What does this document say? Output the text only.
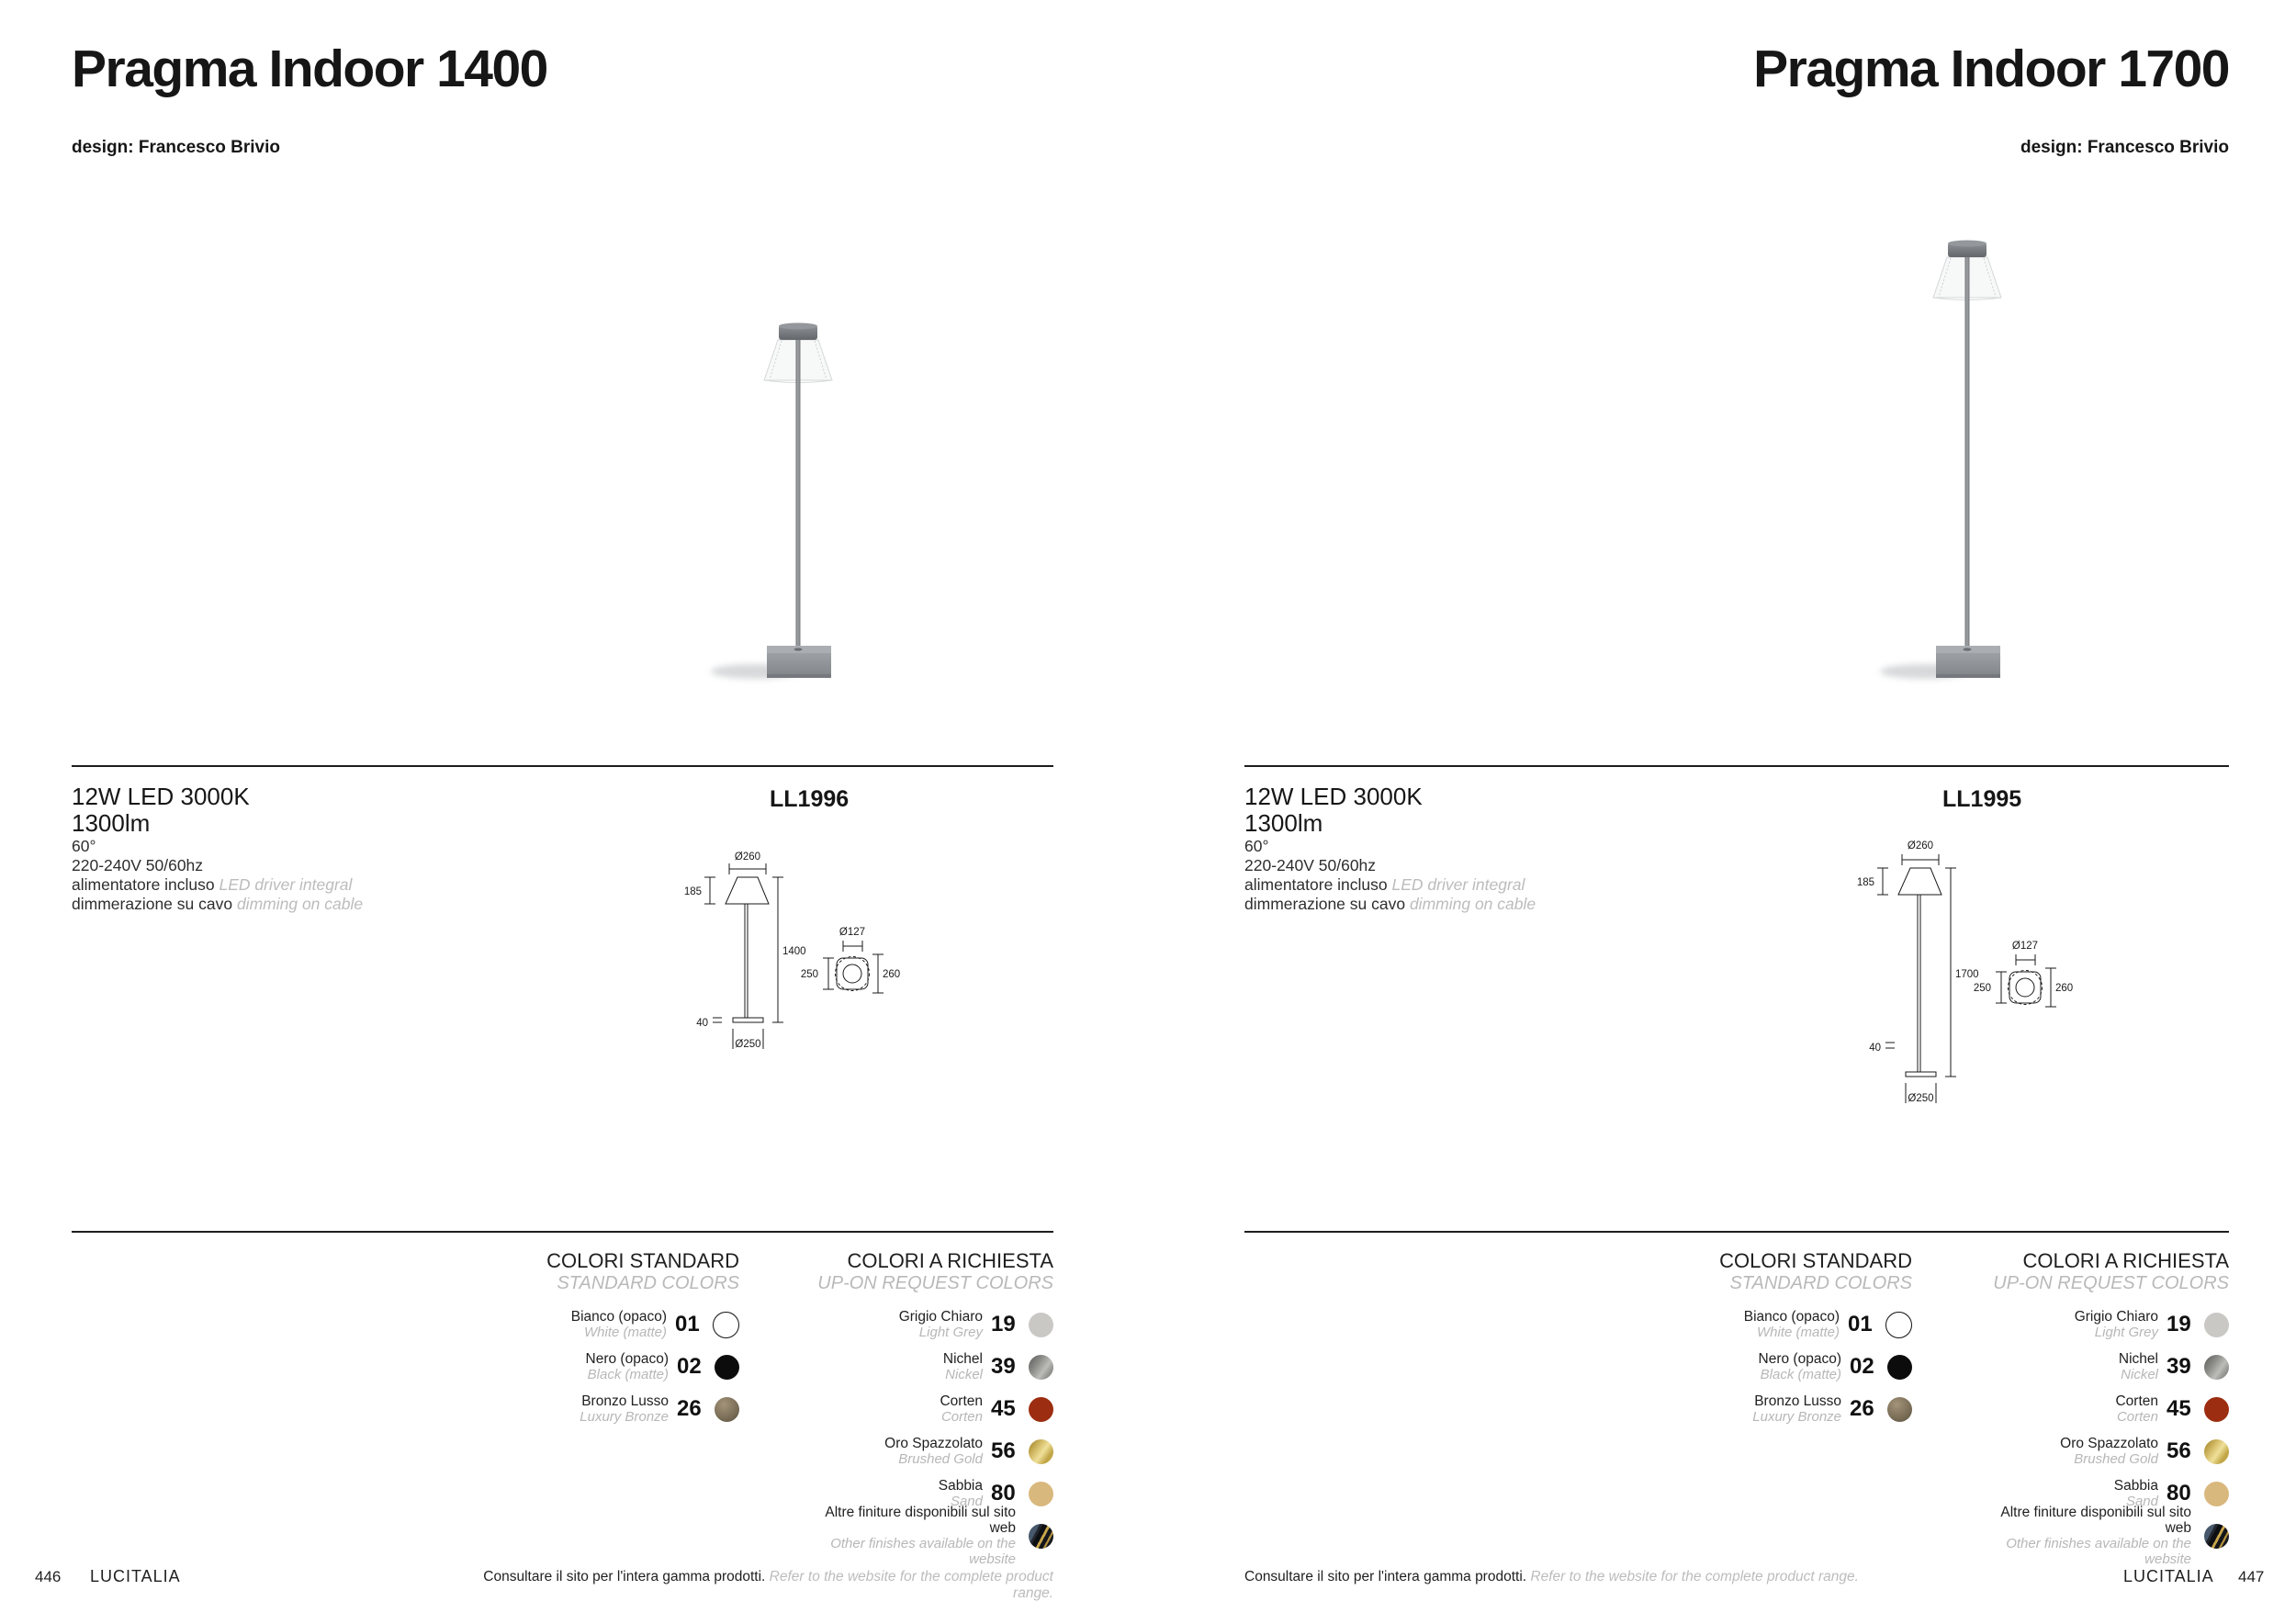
Pragma Indoor 1400
design: Francesco Brivio
12W LED 3000K
1300lm
60°
220-240V 50/60hz
alimentatore incluso LED driver integral
dimmerazione su cavo dimming on cable
LL1996
Ø260
185
1400
40
Ø250
Ø127
250	260
COLORI STANDARD
STANDARD COLORS
Bianco (opaco)
White (matte) 01
Nero (opaco)
Black (matte) 02
Bronzo Lusso
Luxury Bronze 26
COLORI A RICHIESTA
UP-ON REQUEST COLORS
Grigio Chiaro
Light Grey 19
Nichel
Nickel 39
Corten
Corten 45
Oro Spazzolato
Brushed Gold 56
Sabbia
Sand 80
Altre finiture disponibili sul sito web
Other finishes available on the website
446 LUCITALIA	Consultare il sito per l'intera gamma prodotti. Refer to the website for the complete product range.
Pragma Indoor 1700
design: Francesco Brivio
12W LED 3000K
1300lm
60°
220-240V 50/60hz
alimentatore incluso LED driver integral
dimmerazione su cavo dimming on cable
LL1995
Ø260
185
1700
40
Ø250
Ø127
250	260
COLORI STANDARD
STANDARD COLORS
Bianco (opaco)
White (matte) 01
Nero (opaco)
Black (matte) 02
Bronzo Lusso
Luxury Bronze 26
COLORI A RICHIESTA
UP-ON REQUEST COLORS
Grigio Chiaro
Light Grey 19
Nichel
Nickel 39
Corten
Corten 45
Oro Spazzolato
Brushed Gold 56
Sabbia
Sand 80
Altre finiture disponibili sul sito web
Other finishes available on the website
Consultare il sito per l'intera gamma prodotti. Refer to the website for the complete product range.	LUCITALIA 447
